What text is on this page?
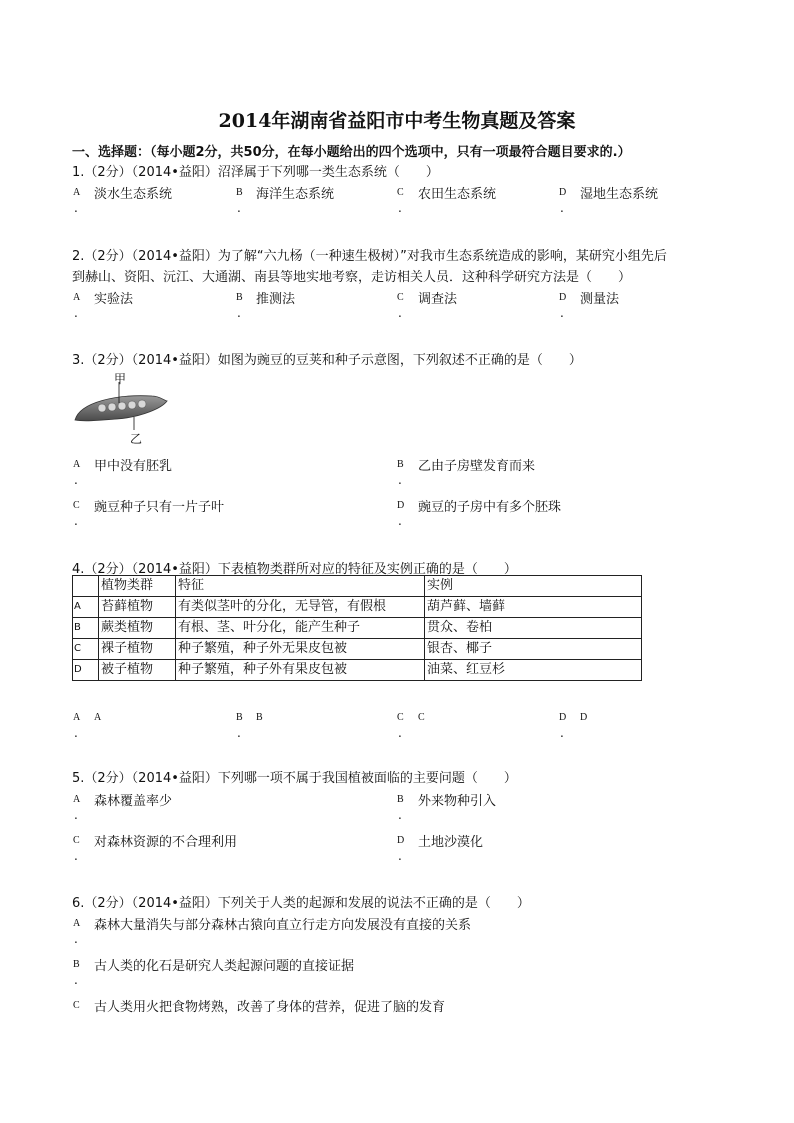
2014年湖南省益阳市中考生物真题及答案
一、选择题：（每小题2分，共50分，在每小题给出的四个选项中，只有一项最符合题目要求的.）
1.（2分）（2014•益阳）沼泽属于下列哪一类生态系统（　　）
A 淡水生态系统
.
B 海洋生态系统
.
C 农田生态系统
.
D 湿地生态系统
.
2.（2分）（2014•益阳）为了解“六九杨（一种速生极树）”对我市生态系统造成的影响，某研究小组先后
到赫山、资阳、沅江、大通湖、南县等地实地考察，走访相关人员．这种科学研究方法是（　　）
A 实验法
.
B 推测法
.
C 调查法
.
D 测量法
.
3.（2分）（2014•益阳）如图为豌豆的豆荚和种子示意图，下列叙述不正确的是（　　）
甲
乙
A 甲中没有胚乳
.
B 乙由子房壁发育而来
.
C 豌豆种子只有一片子叶
.
D 豌豆的子房中有多个胚珠
.
4.（2分）（2014•益阳）下表植物类群所对应的特征及实例正确的是（　　）
	植物类群	特征	实例
A	苔藓植物	有类似茎叶的分化，无导管，有假根	葫芦藓、墙藓
B	蕨类植物	有根、茎、叶分化，能产生种子	贯众、卷柏
C	裸子植物	种子繁殖，种子外无果皮包被	银杏、椰子
D	被子植物	种子繁殖，种子外有果皮包被	油菜、红豆杉
A A
.
B B
.
C C
.
D D
.
5.（2分）（2014•益阳）下列哪一项不属于我国植被面临的主要问题（　　）
A 森林覆盖率少
.
B 外来物种引入
.
C 对森林资源的不合理利用
.
D 土地沙漠化
.
6.（2分）（2014•益阳）下列关于人类的起源和发展的说法不正确的是（　　）
A 森林大量消失与部分森林古猿向直立行走方向发展没有直接的关系
.
B 古人类的化石是研究人类起源问题的直接证据
.
C 古人类用火把食物烤熟，改善了身体的营养，促进了脑的发育
